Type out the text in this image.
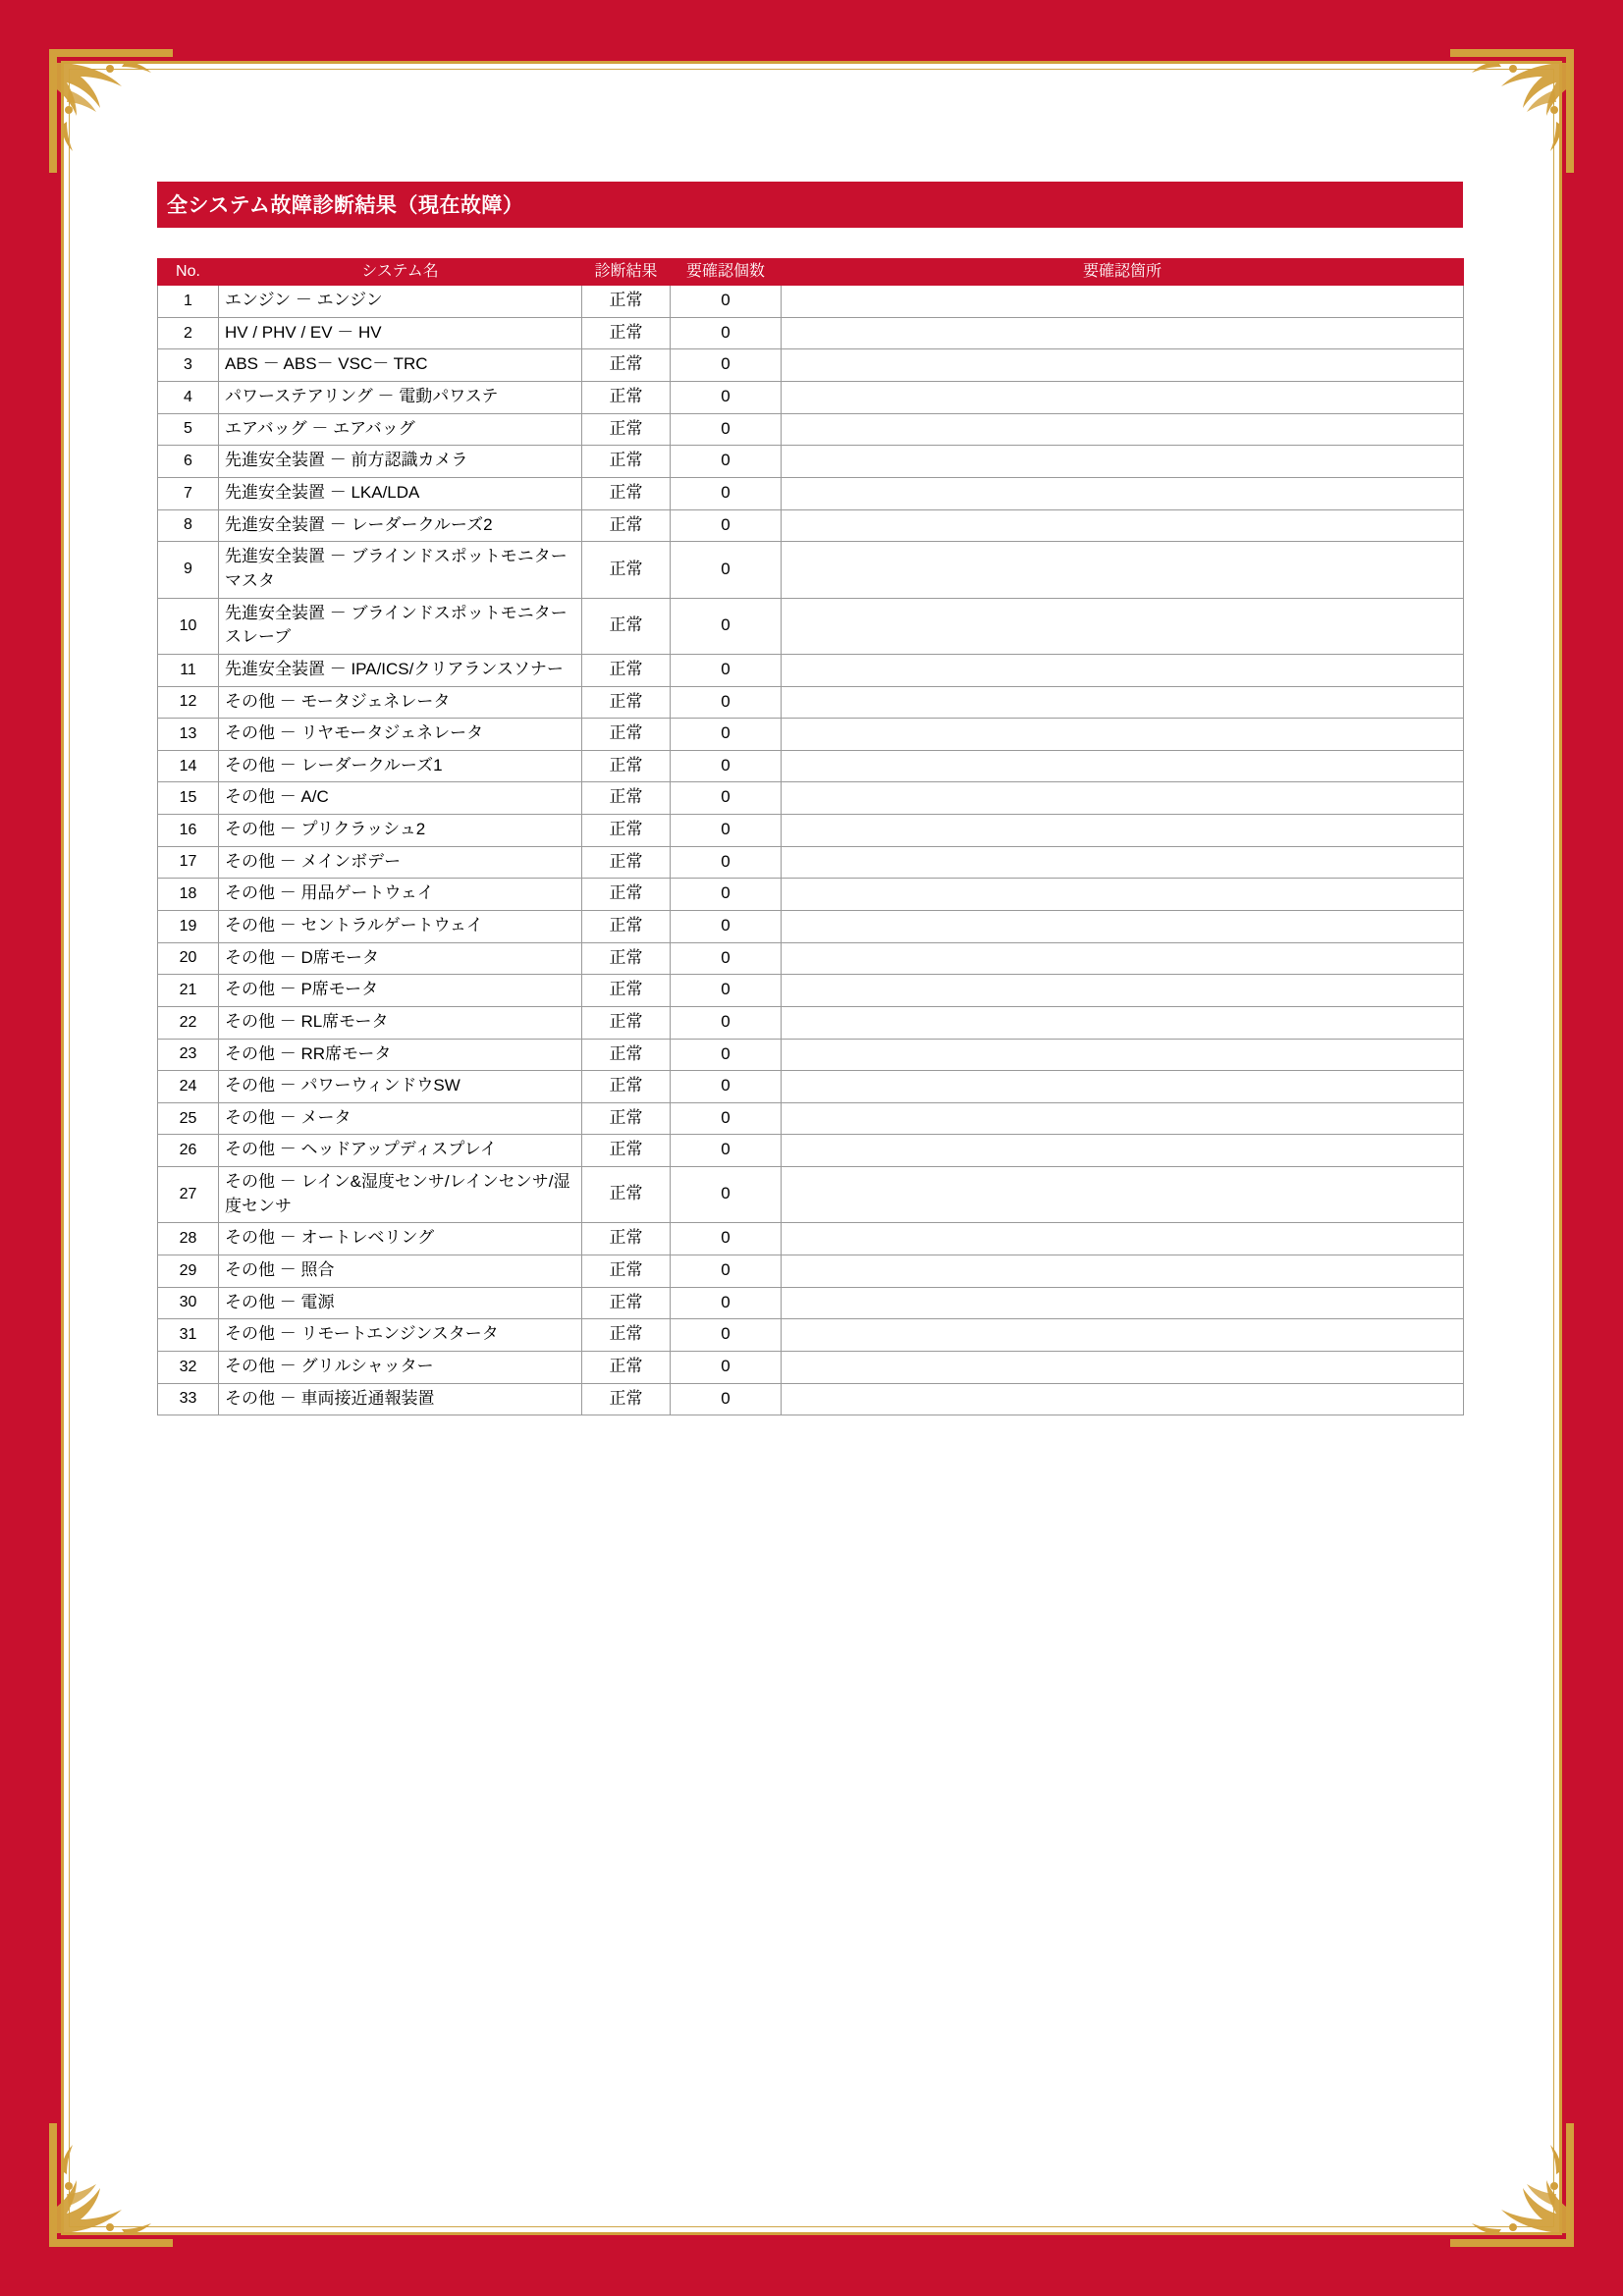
全システム故障診断結果（現在故障）
No.	システム名	診断結果	要確認個数	要確認箇所
1	エンジン － エンジン	正常	0	
2	HV / PHV / EV － HV	正常	0	
3	ABS － ABS－ VSC－ TRC	正常	0	
4	パワーステアリング － 電動パワステ	正常	0	
5	エアバッグ － エアバッグ	正常	0	
6	先進安全装置 － 前方認識カメラ	正常	0	
7	先進安全装置 － LKA/LDA	正常	0	
8	先進安全装置 － レーダークルーズ2	正常	0	
9	先進安全装置 － ブラインドスポットモニター　マスタ	正常	0	
10	先進安全装置 － ブラインドスポットモニター　スレーブ	正常	0	
11	先進安全装置 － IPA/ICS/クリアランスソナー	正常	0	
12	その他 － モータジェネレータ	正常	0	
13	その他 － リヤモータジェネレータ	正常	0	
14	その他 － レーダークルーズ1	正常	0	
15	その他 － A/C	正常	0	
16	その他 － プリクラッシュ2	正常	0	
17	その他 － メインボデー	正常	0	
18	その他 － 用品ゲートウェイ	正常	0	
19	その他 － セントラルゲートウェイ	正常	0	
20	その他 － D席モータ	正常	0	
21	その他 － P席モータ	正常	0	
22	その他 － RL席モータ	正常	0	
23	その他 － RR席モータ	正常	0	
24	その他 － パワーウィンドウSW	正常	0	
25	その他 － メータ	正常	0	
26	その他 － ヘッドアップディスプレイ	正常	0	
27	その他 － レイン&湿度センサ/レインセンサ/湿度センサ	正常	0	
28	その他 － オートレベリング	正常	0	
29	その他 － 照合	正常	0	
30	その他 － 電源	正常	0	
31	その他 － リモートエンジンスタータ	正常	0	
32	その他 － グリルシャッター	正常	0	
33	その他 － 車両接近通報装置	正常	0	
